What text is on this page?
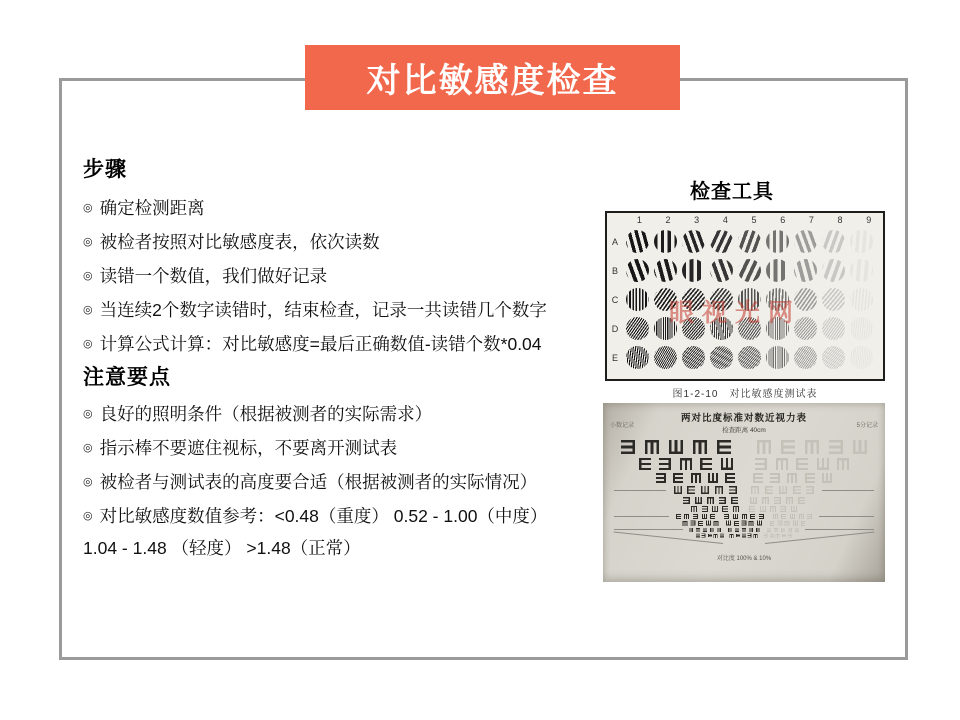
对比敏感度检查
步骤
◎ 确定检测距离
◎ 被检者按照对比敏感度表，依次读数
◎ 读错一个数值，我们做好记录
◎ 当连续2个数字读错时，结束检查，记录一共读错几个数字
◎ 计算公式计算：对比敏感度=最后正确数值-读错个数*0.04
注意要点
◎ 良好的照明条件（根据被测者的实际需求）
◎ 指示棒不要遮住视标，不要离开测试表
◎ 被检者与测试表的高度要合适（根据被测者的实际情况）
◎ 对比敏感度数值参考：<0.48（重度） 0.52 - 1.00（中度）
1.04 - 1.48 （轻度） >1.48（正常）
检查工具
1	2	3	4	5	6	7	8	9
A
B
C
D
E
眼视光网
图1-2-10　对比敏感度测试表
两对比度标准对数近视力表
检查距离 40cm
小数记录	5分记录
对比度 100% & 10%
